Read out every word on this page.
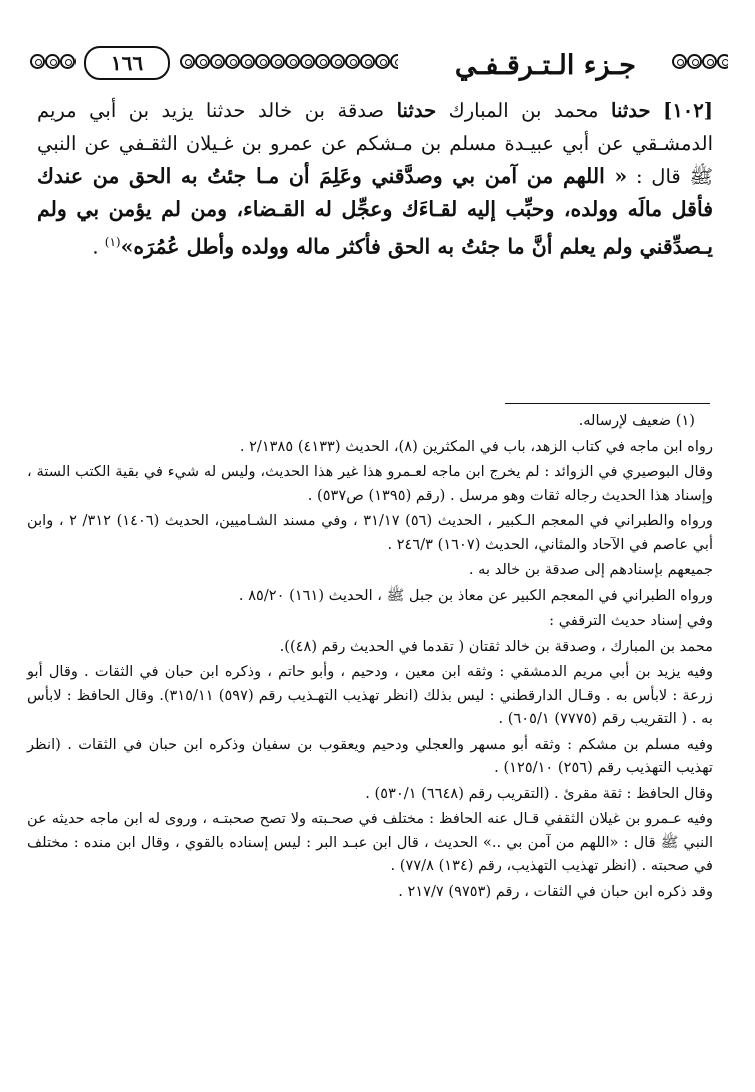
جـزء الـتـرقـفـي
١٦٦

[١٠٢] حدثنا محمد بن المبارك حدثنا صدقة بن خالد حدثنا يزيد بن أبي مريم الدمشـقي عن أبي عبيـدة مسلم بن مـشكم عن عمرو بن غـيلان الثقـفي عن النبي ﷺ قال : « اللهم من آمن بي وصدَّقني وعَلِمَ أن مـا جئتُ به الحق من عندك فأقل مالَه وولده، وحبِّب إليه لقـاءَك وعجِّل له القـضاء، ومن لم يؤمن بي ولم يـصدِّقني ولم يعلم أنَّ ما جئتُ به الحق فأكثر ماله وولده وأطل عُمُرَه»$^{(١)}$ .

(١) ضعيف لإرساله.

رواه ابن ماجه في كتاب الزهد، باب في المكثرين (٨)، الحديث (٤١٣٣) ٢/١٣٨٥ .

وقال البوصيري في الزوائد : لم يخرج ابن ماجه لعـمرو هذا غير هذا الحديث، وليس له شيء في بقية الكتب الستة ، وإسناد هذا الحديث رجاله ثقات وهو مرسل . (رقم (١٣٩٥) ص٥٣٧) .

ورواه والطبراني في المعجم الـكبير ، الحديث (٥٦) ٣١/١٧ ، وفي مسند الشـاميين، الحديث (١٤٠٦) ٣١٢/ ٢ ، وابن أبي عاصم في الآحاد والمثاني، الحديث (١٦٠٧) ٢٤٦/٣ .

جميعهم بإسنادهم إلى صدقة بن خالد به .

ورواه الطبراني في المعجم الكبير عن معاذ بن جبل ﷺ ، الحديث (١٦١) ٨٥/٢٠ .

وفي إسناد حديث الترقفي :

محمد بن المبارك ، وصدقة بن خالد ثقتان ( تقدما في الحديث رقم (٤٨)).

وفيه يزيد بن أبي مريم الدمشقي : وثقه ابن معين ، ودحيم ، وأبو حاتم ، وذكره ابن حبان في الثقات . وقال أبو زرعة : لابأس به . وقـال الدارقطني : ليس بذلك (انظر تهذيب التهـذيب رقم (٥٩٧) ٣١٥/١١). وقال الحافظ : لابأس به . ( التقريب رقم (٧٧٧٥) ٦٠٥/١) .

وفيه مسلم بن مشكم : وثقه أبو مسهر والعجلي ودحيم ويعقوب بن سفيان وذكره ابن حبان في الثقات . (انظر تهذيب التهذيب رقم (٢٥٦) ١٢٥/١٠) .

وقال الحافظ : ثقة مقرئ . (التقريب رقم (٦٦٤٨) ٥٣٠/١) .

وفيه عـمرو بن غيلان الثقفي قـال عنه الحافظ : مختلف في صحـبته ولا تصح صحبتـه ، وروى له ابن ماجه حديثه عن النبي ﷺ قال : «اللهم من آمن بي ..» الحديث ، قال ابن عبـد البر : ليس إسناده بالقوي ، وقال ابن منده : مختلف في صحبته . (انظر تهذيب التهذيب، رقم (١٣٤) ٧٧/٨) .

وقد ذكره ابن حبان في الثقات ، رقم (٩٧٥٣) ٢١٧/٧ .
